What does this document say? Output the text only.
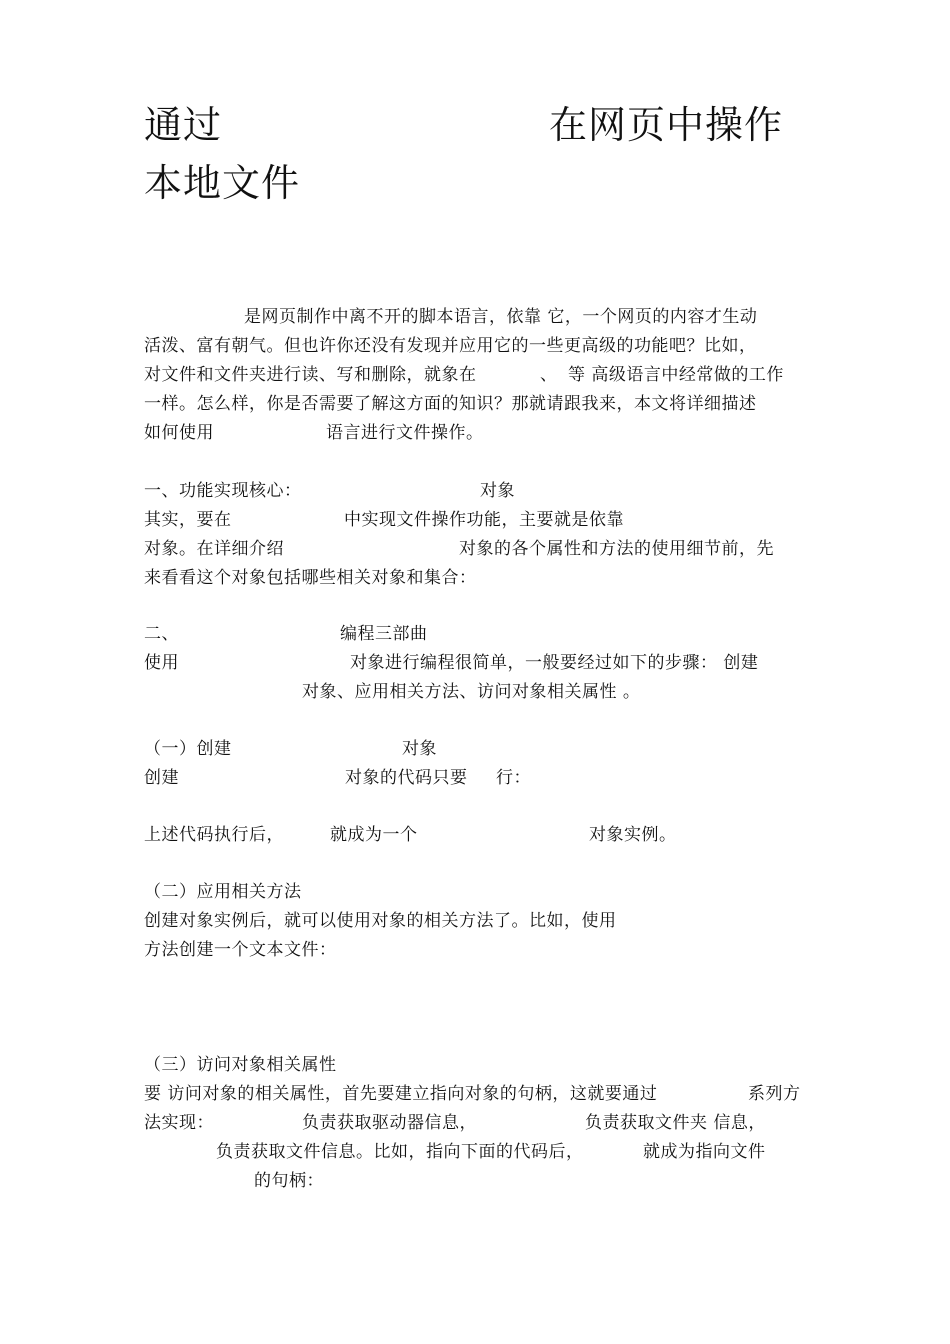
通过	在网页中操作
本地文件
是网页制作中离不开的脚本语言，依靠 它，一个网页的内容才生动
活泼、富有朝气。但也许你还没有发现并应用它的一些更高级的功能吧？比如，
对文件和文件夹进行读、写和删除，就象在	、 等 高级语言中经常做的工作
一样。怎么样，你是否需要了解这方面的知识？那就请跟我来，本文将详细描述
如何使用	语言进行文件操作。
一、功能实现核心：	对象
其实，要在	中实现文件操作功能，主要就是依靠
对象。在详细介绍	对象的各个属性和方法的使用细节前，先
来看看这个对象包括哪些相关对象和集合：
二、	编程三部曲
使用	对象进行编程很简单，一般要经过如下的步骤： 创建
对象、应用相关方法、访问对象相关属性 。
（一）创建	对象
创建	对象的代码只要 行：
上述代码执行后，	就成为一个	对象实例。
（二）应用相关方法
创建对象实例后，就可以使用对象的相关方法了。比如，使用
方法创建一个文本文件：
（三）访问对象相关属性
要 访问对象的相关属性，首先要建立指向对象的句柄，这就要通过	系列方
法实现：	负责获取驱动器信息，	负责获取文件夹 信息，
负责获取文件信息。比如，指向下面的代码后，	就成为指向文件
的句柄：
